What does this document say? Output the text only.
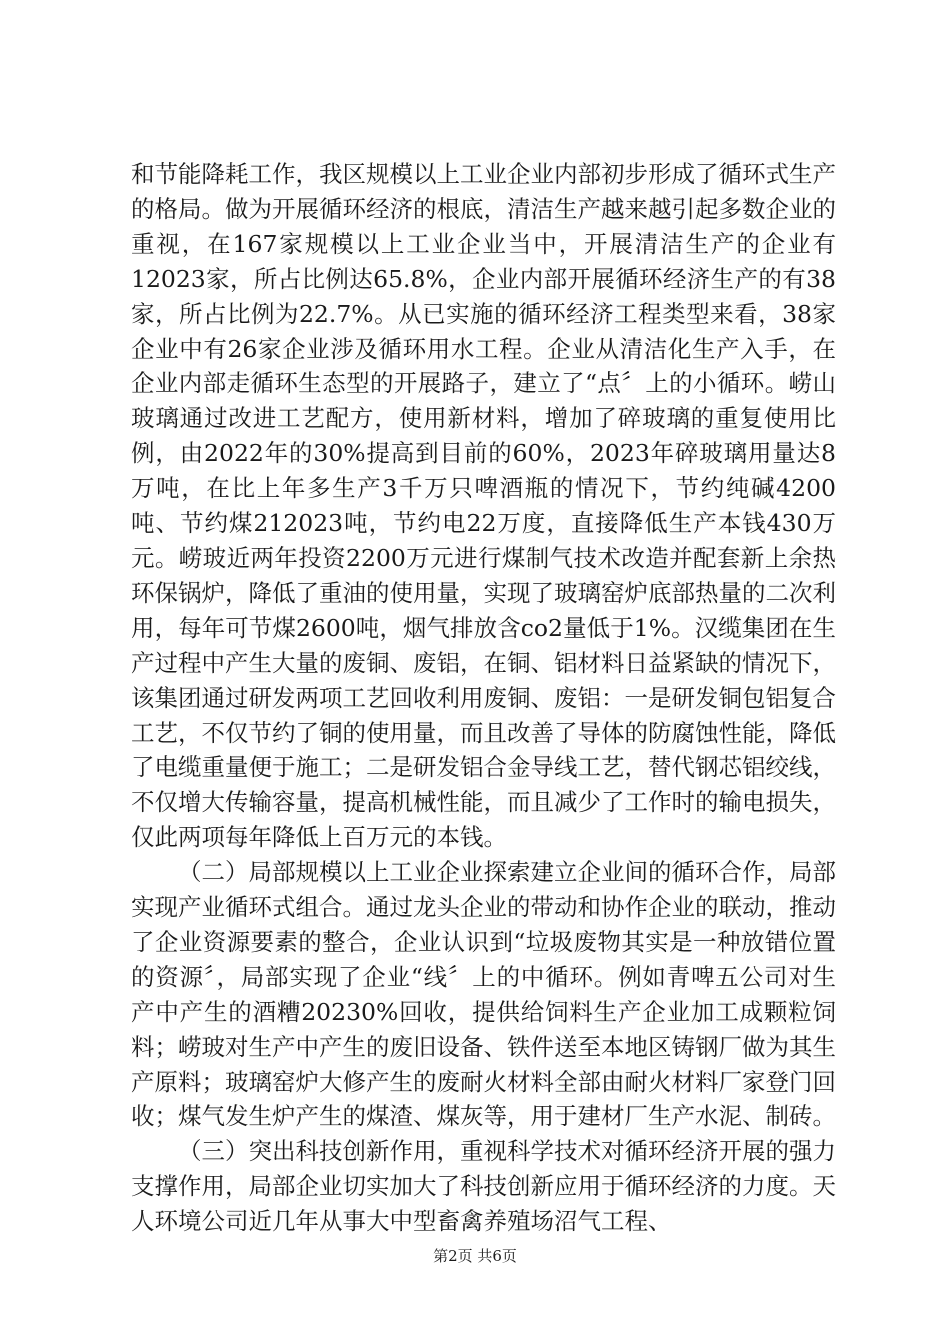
和节能降耗工作，我区规模以上工业企业内部初步形成了循环式生产的格局。做为开展循环经济的根底，清洁生产越来越引起多数企业的重视，在167家规模以上工业企业当中，开展清洁生产的企业有12023家，所占比例达65.8%，企业内部开展循环经济生产的有38家，所占比例为22.7%。从已实施的循环经济工程类型来看，38家企业中有26家企业涉及循环用水工程。企业从清洁化生产入手，在企业内部走循环生态型的开展路子，建立了“点〞上的小循环。崂山玻璃通过改进工艺配方，使用新材料，增加了碎玻璃的重复使用比例，由2022年的30%提高到目前的60%，2023年碎玻璃用量达8万吨，在比上年多生产3千万只啤酒瓶的情况下，节约纯碱4200吨、节约煤212023吨，节约电22万度，直接降低生产本钱430万元。崂玻近两年投资2200万元进行煤制气技术改造并配套新上余热环保锅炉，降低了重油的使用量，实现了玻璃窑炉底部热量的二次利用，每年可节煤2600吨，烟气排放含co2量低于1%。汉缆集团在生产过程中产生大量的废铜、废铝，在铜、铝材料日益紧缺的情况下，该集团通过研发两项工艺回收利用废铜、废铝：一是研发铜包铝复合工艺，不仅节约了铜的使用量，而且改善了导体的防腐蚀性能，降低了电缆重量便于施工；二是研发铝合金导线工艺，替代钢芯铝绞线，不仅增大传输容量，提高机械性能，而且减少了工作时的输电损失，仅此两项每年降低上百万元的本钱。

（二）局部规模以上工业企业探索建立企业间的循环合作，局部实现产业循环式组合。通过龙头企业的带动和协作企业的联动，推动了企业资源要素的整合，企业认识到“垃圾废物其实是一种放错位置的资源〞，局部实现了企业“线〞上的中循环。例如青啤五公司对生产中产生的酒糟20230%回收，提供给饲料生产企业加工成颗粒饲料；崂玻对生产中产生的废旧设备、铁件送至本地区铸钢厂做为其生产原料；玻璃窑炉大修产生的废耐火材料全部由耐火材料厂家登门回收；煤气发生炉产生的煤渣、煤灰等，用于建材厂生产水泥、制砖。

（三）突出科技创新作用，重视科学技术对循环经济开展的强力支撑作用，局部企业切实加大了科技创新应用于循环经济的力度。天人环境公司近几年从事大中型畜禽养殖场沼气工程、

第2页 共6页
